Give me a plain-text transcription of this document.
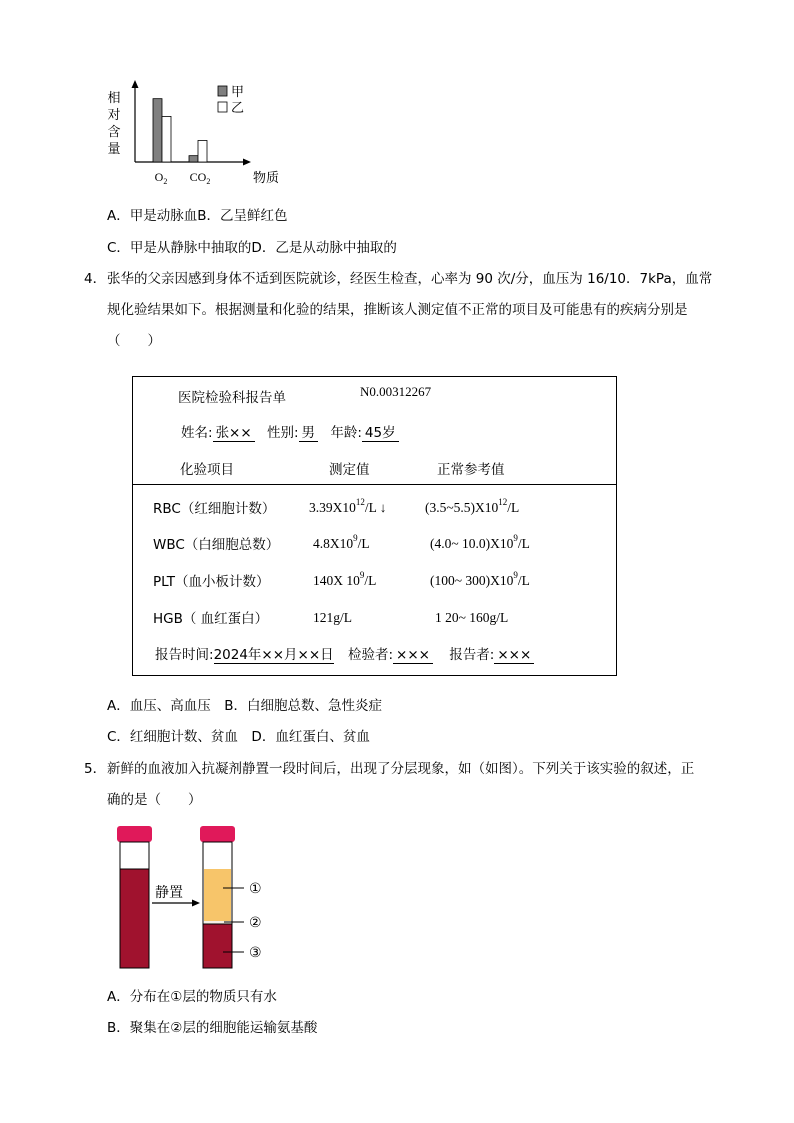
相
对
含
量
物质
$O_2$ $CO_2$
甲
乙
A．甲是动脉血B．乙呈鲜红色
C．甲是从静脉中抽取的D．乙是从动脉中抽取的
4． 张华的父亲因感到身体不适到医院就诊，经医生检查，心率为 90 次/分，血压为 16/10．7kPa，血常
规化验结果如下。根据测量和化验的结果，推断该人测定值不正常的项目及可能患有的疾病分别是
（　　）
医院检验科报告单	N0.00312267
姓名: 张×× 性别: 男 年龄: 45岁
化验项目	测定值	正常参考值
RBC（红细胞计数） $3.39X10^{12}/L$ ↓	$(3.5\sim 5.5)X10^{12}/L$
WBC（白细胞总数） $4.8X10^9/L$	(4.0~ $10.0)X10^9/L$
PLT（血小板计数）	140X $10^9/L$	(100~ $300)X10^9/L$
HGB（ 血红蛋白）	121g/L	1 20~ 160g/L
报告时间:2024年××月××日 检验者: ××× 报告者: ×××
A．血压、高血压　B．白细胞总数、急性炎症
C．红细胞计数、贫血　D．血红蛋白、贫血
5． 新鲜的血液加入抗凝剂静置一段时间后，出现了分层现象，如（如图）。下列关于该实验的叙述，正
确的是（　　）
静置	①
②
③
A．分布在①层的物质只有水
B．聚集在②层的细胞能运输氨基酸
